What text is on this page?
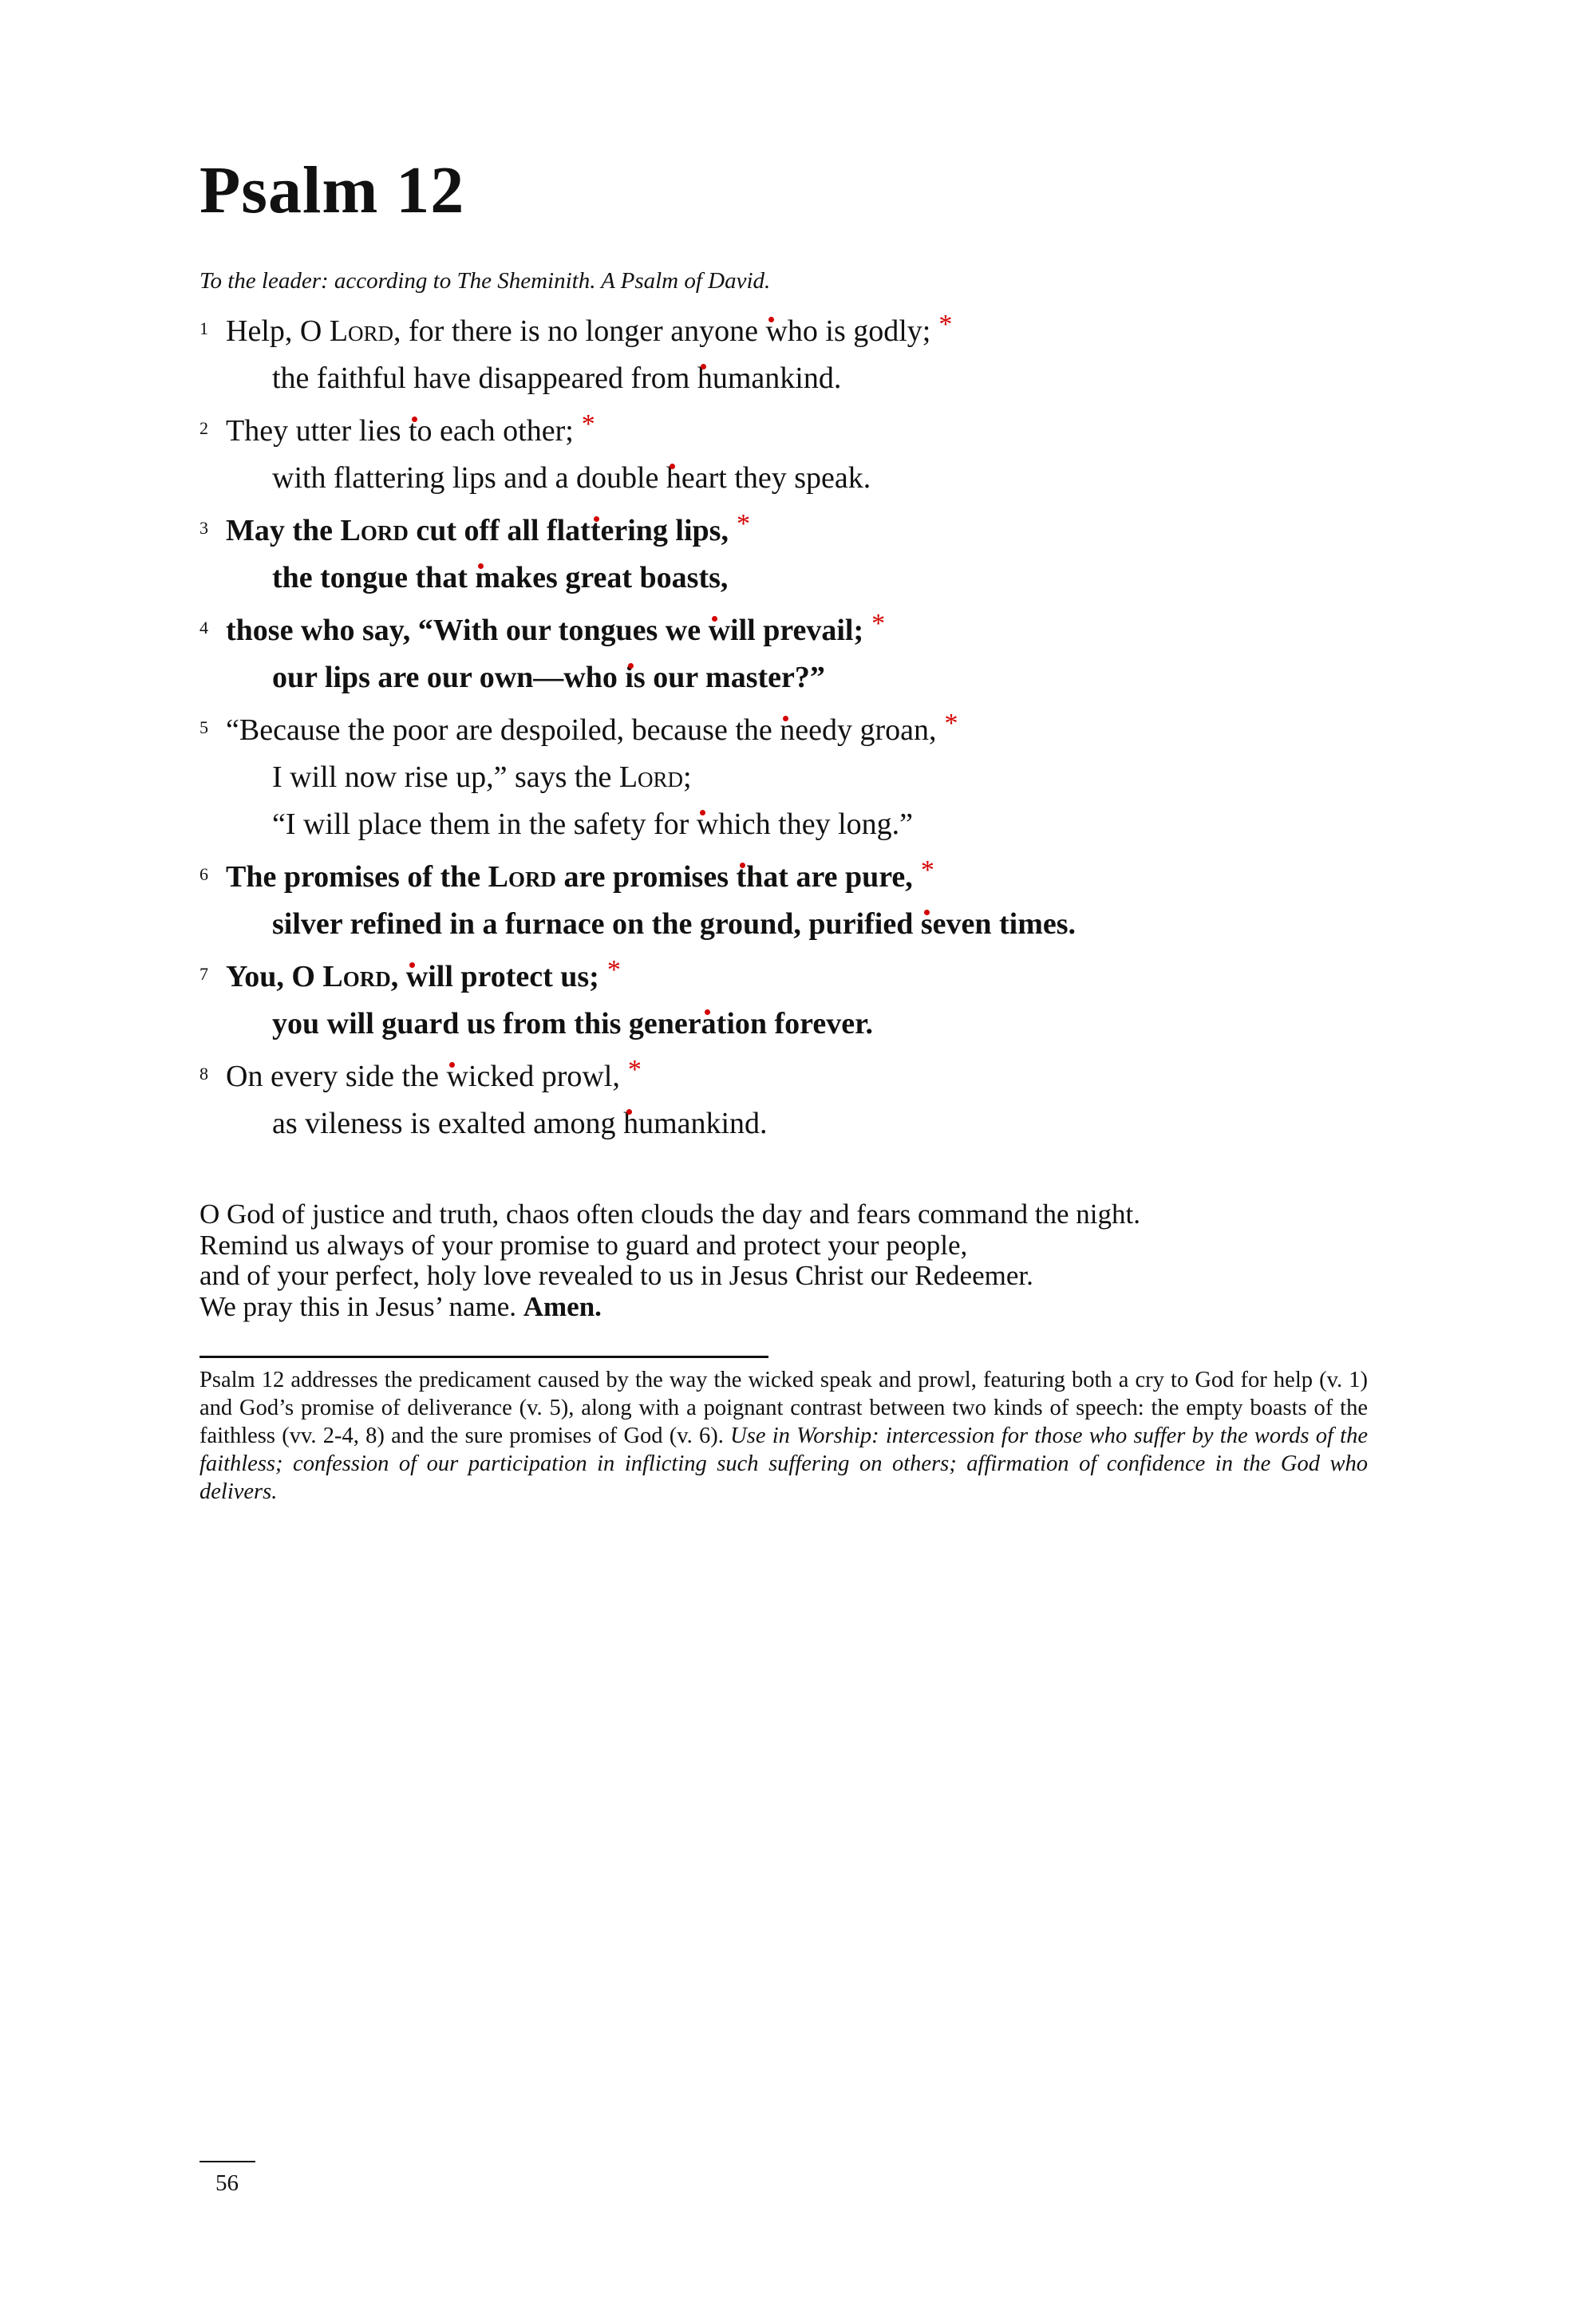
Psalm 12
To the leader: according to The Sheminith. A Psalm of David.
1 Help, O Lord, for there is no longer anyone who is godly; *
the faithful have disappeared from humankind.
2 They utter lies to each other; *
with flattering lips and a double heart they speak.
3 May the Lord cut off all flattering lips, *
the tongue that makes great boasts,
4 those who say, “With our tongues we will prevail; *
our lips are our own—who is our master?”
5 “Because the poor are despoiled, because the needy groan, *
I will now rise up,” says the Lord;
“I will place them in the safety for which they long.”
6 The promises of the Lord are promises that are pure, *
silver refined in a furnace on the ground, purified seven times.
7 You, O Lord, will protect us; *
you will guard us from this generation forever.
8 On every side the wicked prowl, *
as vileness is exalted among humankind.
O God of justice and truth, chaos often clouds the day and fears command the night.
Remind us always of your promise to guard and protect your people,
and of your perfect, holy love revealed to us in Jesus Christ our Redeemer.
We pray this in Jesus’ name. Amen.
Psalm 12 addresses the predicament caused by the way the wicked speak and prowl, featuring both a cry to God for help (v. 1) and God’s promise of deliverance (v. 5), along with a poignant contrast between two kinds of speech: the empty boasts of the faithless (vv. 2-4, 8) and the sure promises of God (v. 6). Use in Worship: intercession for those who suffer by the words of the faithless; confession of our participation in inflicting such suffering on others; affirmation of confidence in the God who delivers.
56
